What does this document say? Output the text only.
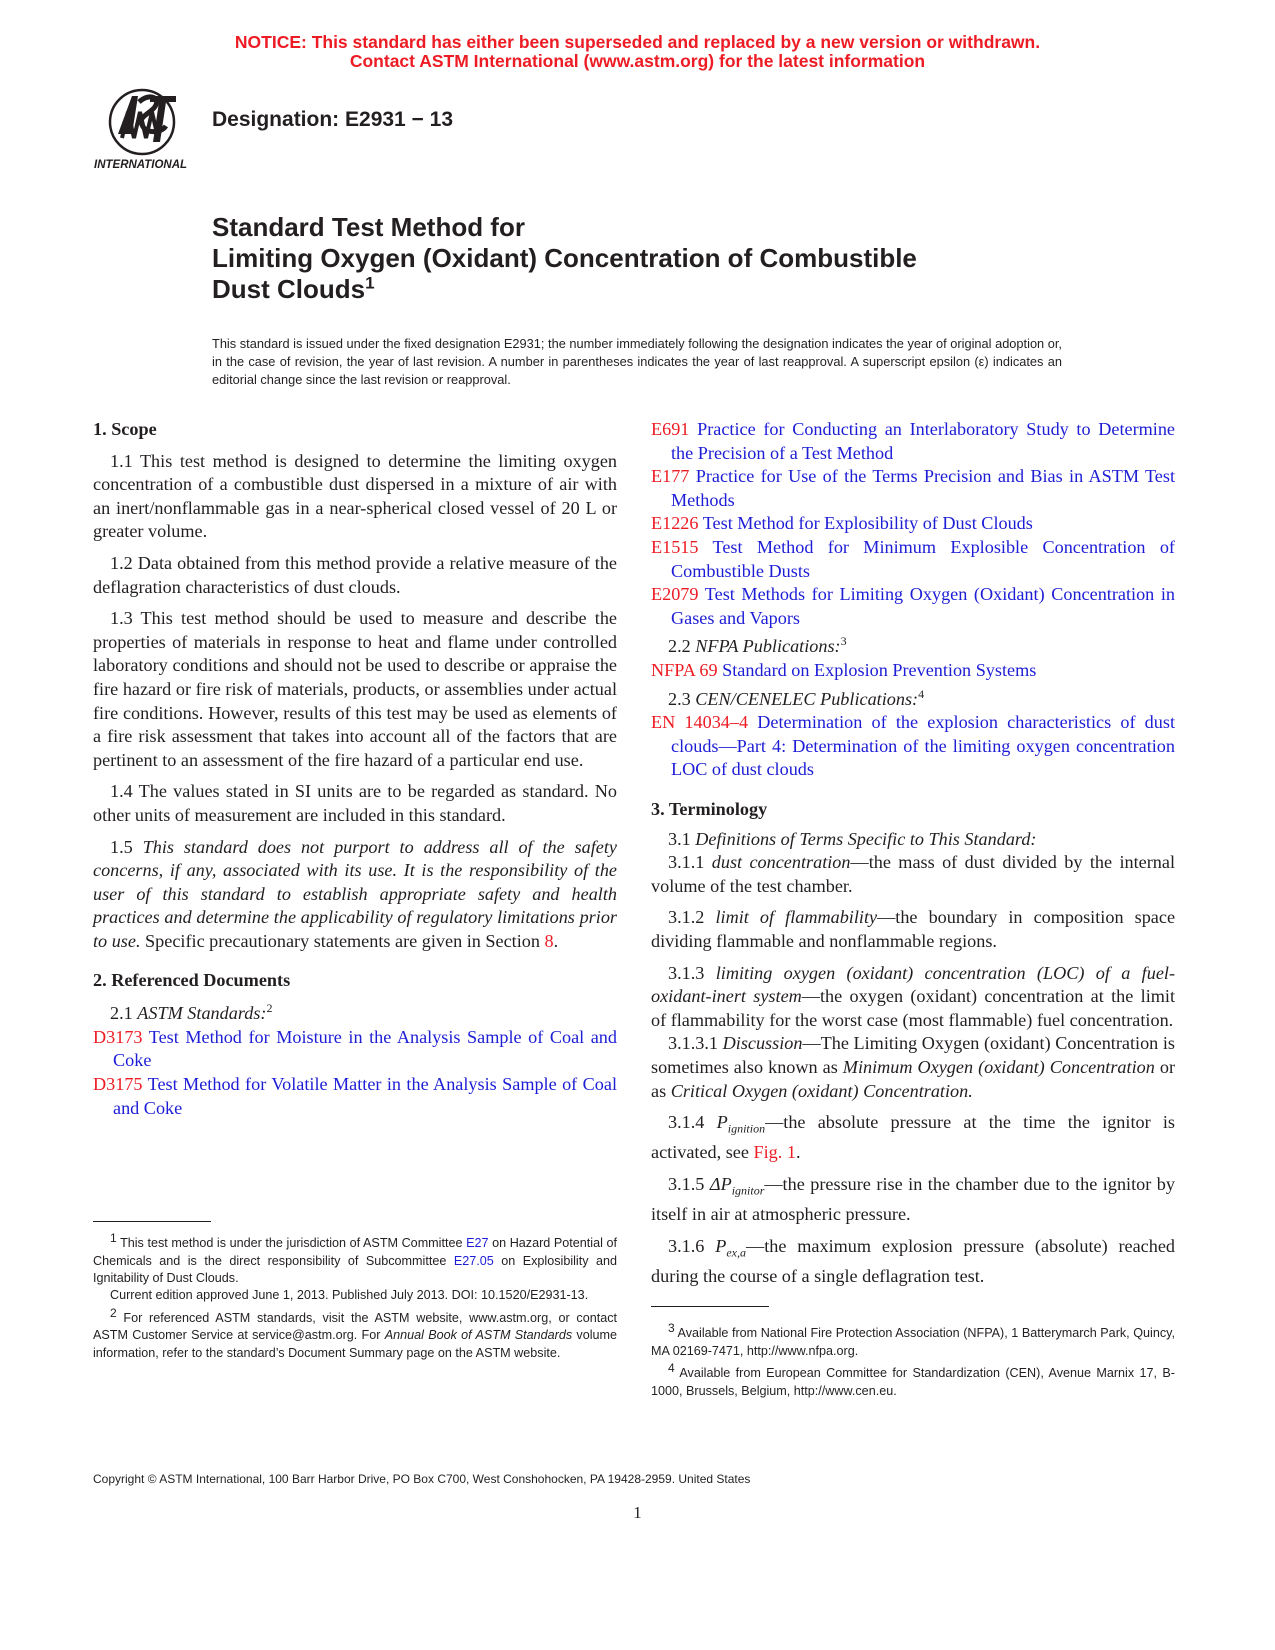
NOTICE: This standard has either been superseded and replaced by a new version or withdrawn.
Contact ASTM International (www.astm.org) for the latest information
INTERNATIONAL
Designation: E2931 − 13
Standard Test Method for
Limiting Oxygen (Oxidant) Concentration of Combustible
Dust Clouds$^1$
This standard is issued under the fixed designation E2931; the number immediately following the designation indicates the year of original adoption or, in the case of revision, the year of last revision. A number in parentheses indicates the year of last reapproval. A superscript epsilon (ε) indicates an editorial change since the last revision or reapproval.
1. Scope

1.1 This test method is designed to determine the limiting oxygen concentration of a combustible dust dispersed in a mixture of air with an inert/nonflammable gas in a near-spherical closed vessel of 20 L or greater volume.

1.2 Data obtained from this method provide a relative measure of the deflagration characteristics of dust clouds.

1.3 This test method should be used to measure and describe the properties of materials in response to heat and flame under controlled laboratory conditions and should not be used to describe or appraise the fire hazard or fire risk of materials, products, or assemblies under actual fire conditions. However, results of this test may be used as elements of a fire risk assessment that takes into account all of the factors that are pertinent to an assessment of the fire hazard of a particular end use.

1.4 The values stated in SI units are to be regarded as standard. No other units of measurement are included in this standard.

1.5 This standard does not purport to address all of the safety concerns, if any, associated with its use. It is the responsibility of the user of this standard to establish appropriate safety and health practices and determine the applicability of regulatory limitations prior to use. Specific precautionary statements are given in Section 8.

2. Referenced Documents

2.1 ASTM Standards:$^2$

D3173 Test Method for Moisture in the Analysis Sample of Coal and Coke

D3175 Test Method for Volatile Matter in the Analysis Sample of Coal and Coke

$^1$ This test method is under the jurisdiction of ASTM Committee E27 on Hazard Potential of Chemicals and is the direct responsibility of Subcommittee E27.05 on Explosibility and Ignitability of Dust Clouds.

Current edition approved June 1, 2013. Published July 2013. DOI: 10.1520/E2931-13.

$^2$ For referenced ASTM standards, visit the ASTM website, www.astm.org, or contact ASTM Customer Service at service@astm.org. For Annual Book of ASTM Standards volume information, refer to the standard’s Document Summary page on the ASTM website.

E691 Practice for Conducting an Interlaboratory Study to Determine the Precision of a Test Method

E177 Practice for Use of the Terms Precision and Bias in ASTM Test Methods

E1226 Test Method for Explosibility of Dust Clouds

E1515 Test Method for Minimum Explosible Concentration of Combustible Dusts

E2079 Test Methods for Limiting Oxygen (Oxidant) Concentration in Gases and Vapors

2.2 NFPA Publications:$^3$

NFPA 69 Standard on Explosion Prevention Systems

2.3 CEN/CENELEC Publications:$^4$

EN 14034–4 Determination of the explosion characteristics of dust clouds—Part 4: Determination of the limiting oxygen concentration LOC of dust clouds

3. Terminology

3.1 Definitions of Terms Specific to This Standard:

3.1.1 dust concentration—the mass of dust divided by the internal volume of the test chamber.

3.1.2 limit of flammability—the boundary in composition space dividing flammable and nonflammable regions.

3.1.3 limiting oxygen (oxidant) concentration (LOC) of a fuel-oxidant-inert system—the oxygen (oxidant) concentration at the limit of flammability for the worst case (most flammable) fuel concentration.

3.1.3.1 Discussion—The Limiting Oxygen (oxidant) Concentration is sometimes also known as Minimum Oxygen (oxidant) Concentration or as Critical Oxygen (oxidant) Concentration.

3.1.4 $P_{ignition}—the$ absolute pressure at the time the ignitor is activated, see Fig. 1.

3.1.5 $\Delta P_{ignitor}—the$ pressure rise in the chamber due to the ignitor by itself in air at atmospheric pressure.

3.1.6 $P_{ex,a}—the$ maximum explosion pressure (absolute) reached during the course of a single deflagration test.

$^3$ Available from National Fire Protection Association (NFPA), 1 Batterymarch Park, Quincy, MA 02169-7471, http://www.nfpa.org.

$^4$ Available from European Committee for Standardization (CEN), Avenue Marnix 17, B-1000, Brussels, Belgium, http://www.cen.eu.

Copyright © ASTM International, 100 Barr Harbor Drive, PO Box C700, West Conshohocken, PA 19428-2959. United States
1
